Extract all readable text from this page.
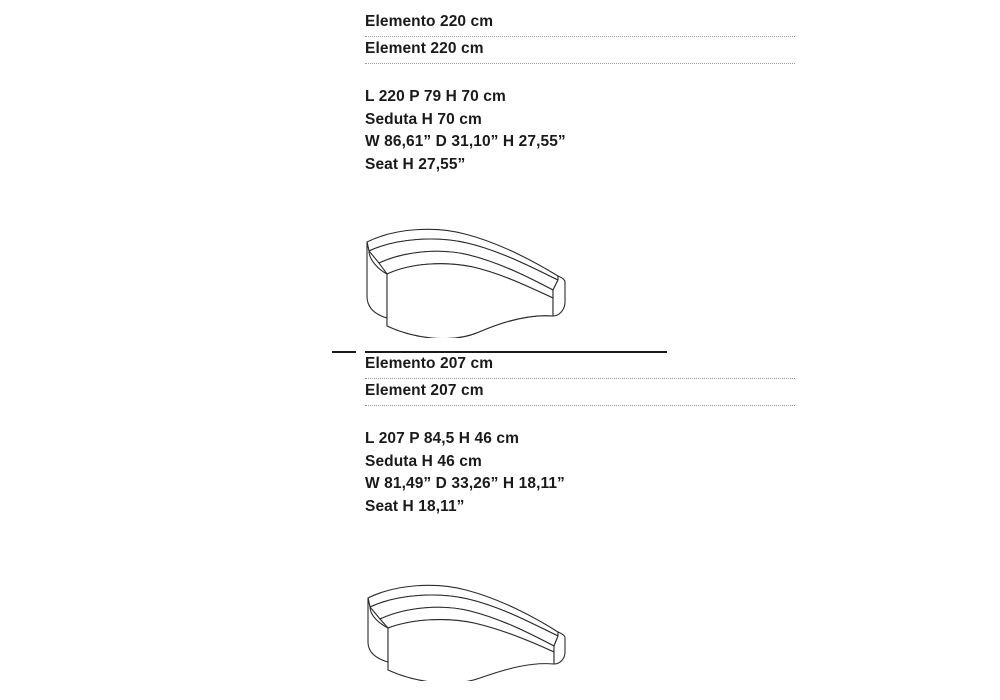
Elemento 220 cm
Element 220 cm
L 220 P 79 H 70 cm
Seduta H 70 cm
W 86,61” D 31,10” H 27,55”
Seat H 27,55”
Elemento 207 cm
Element 207 cm
L 207 P 84,5 H 46 cm
Seduta H 46 cm
W 81,49” D 33,26” H 18,11”
Seat H 18,11”
